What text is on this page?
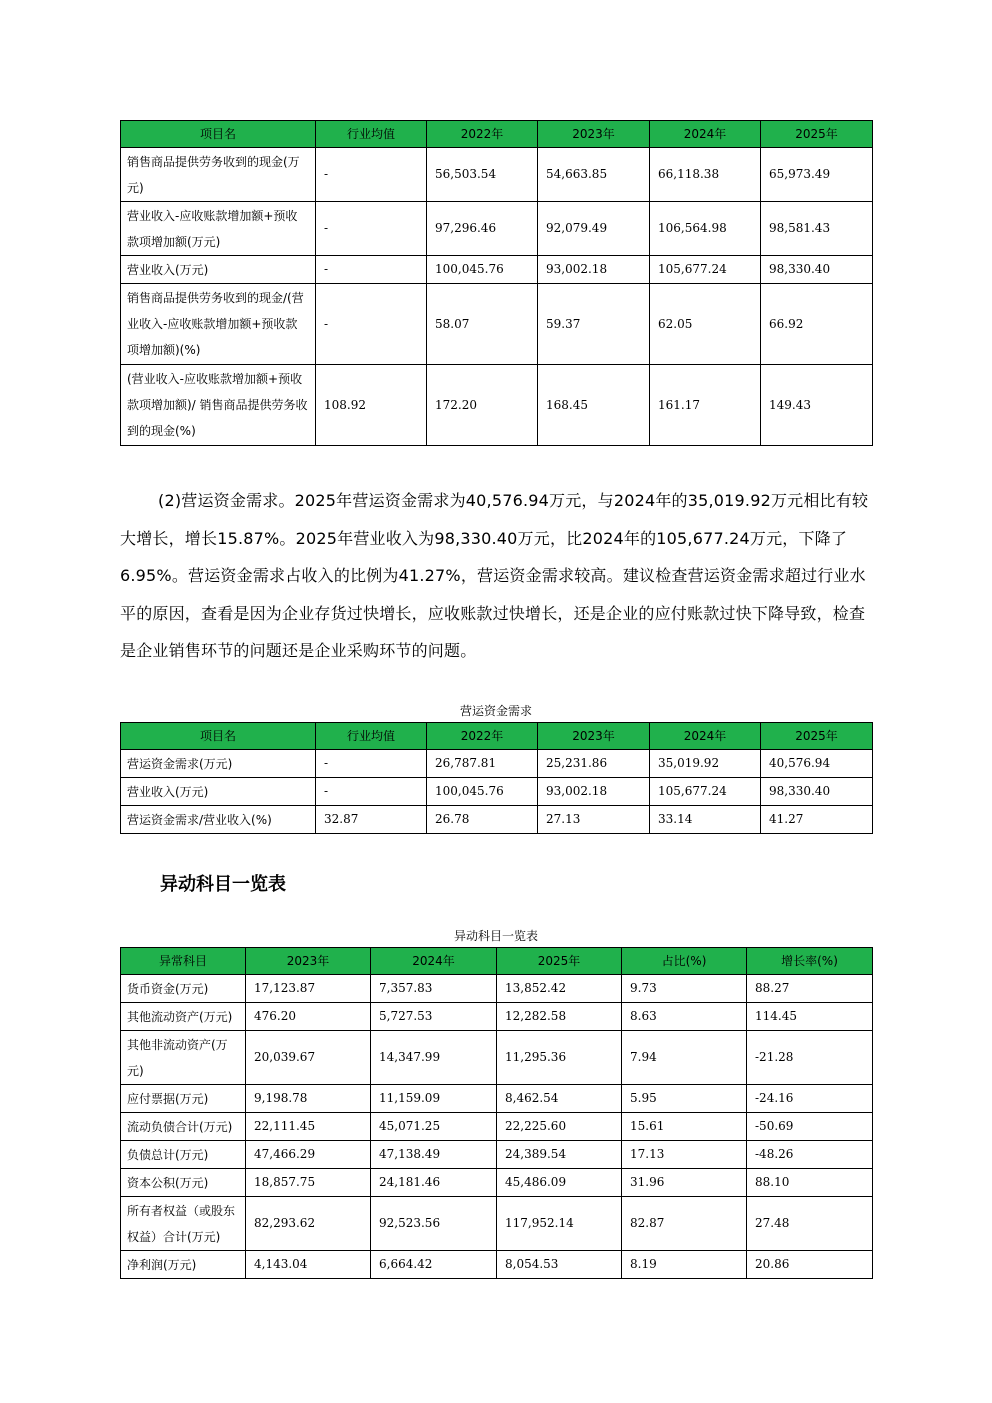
项目名	行业均值	2022年	2023年	2024年	2025年
销售商品提供劳务收到的现金(万元)	-	56,503.54	54,663.85	66,118.38	65,973.49
营业收入-应收账款增加额+预收款项增加额(万元)	-	97,296.46	92,079.49	106,564.98	98,581.43
营业收入(万元)	-	100,045.76	93,002.18	105,677.24	98,330.40
销售商品提供劳务收到的现金/(营业收入-应收账款增加额+预收款项增加额)(%)	-	58.07	59.37	62.05	66.92
(营业收入-应收账款增加额+预收款项增加额)/ 销售商品提供劳务收到的现金(%)	108.92	172.20	168.45	161.17	149.43

(2)营运资金需求。2025年营运资金需求为40,576.94万元，与2024年的35,019.92万元相比有较大增长，增长15.87%。2025年营业收入为98,330.40万元，比2024年的105,677.24万元，下降了6.95%。营运资金需求占收入的比例为41.27%，营运资金需求较高。建议检查营运资金需求超过行业水平的原因，查看是因为企业存货过快增长，应收账款过快增长，还是企业的应付账款过快下降导致，检查是企业销售环节的问题还是企业采购环节的问题。

营运资金需求
项目名	行业均值	2022年	2023年	2024年	2025年
营运资金需求(万元)	-	26,787.81	25,231.86	35,019.92	40,576.94
营业收入(万元)	-	100,045.76	93,002.18	105,677.24	98,330.40
营运资金需求/营业收入(%)	32.87	26.78	27.13	33.14	41.27
异动科目一览表
异动科目一览表
异常科目	2023年	2024年	2025年	占比(%)	增长率(%)
货币资金(万元)	17,123.87	7,357.83	13,852.42	9.73	88.27
其他流动资产(万元)	476.20	5,727.53	12,282.58	8.63	114.45
其他非流动资产(万元)	20,039.67	14,347.99	11,295.36	7.94	-21.28
应付票据(万元)	9,198.78	11,159.09	8,462.54	5.95	-24.16
流动负债合计(万元)	22,111.45	45,071.25	22,225.60	15.61	-50.69
负债总计(万元)	47,466.29	47,138.49	24,389.54	17.13	-48.26
资本公积(万元)	18,857.75	24,181.46	45,486.09	31.96	88.10
所有者权益（或股东权益）合计(万元)	82,293.62	92,523.56	117,952.14	82.87	27.48
净利润(万元)	4,143.04	6,664.42	8,054.53	8.19	20.86
